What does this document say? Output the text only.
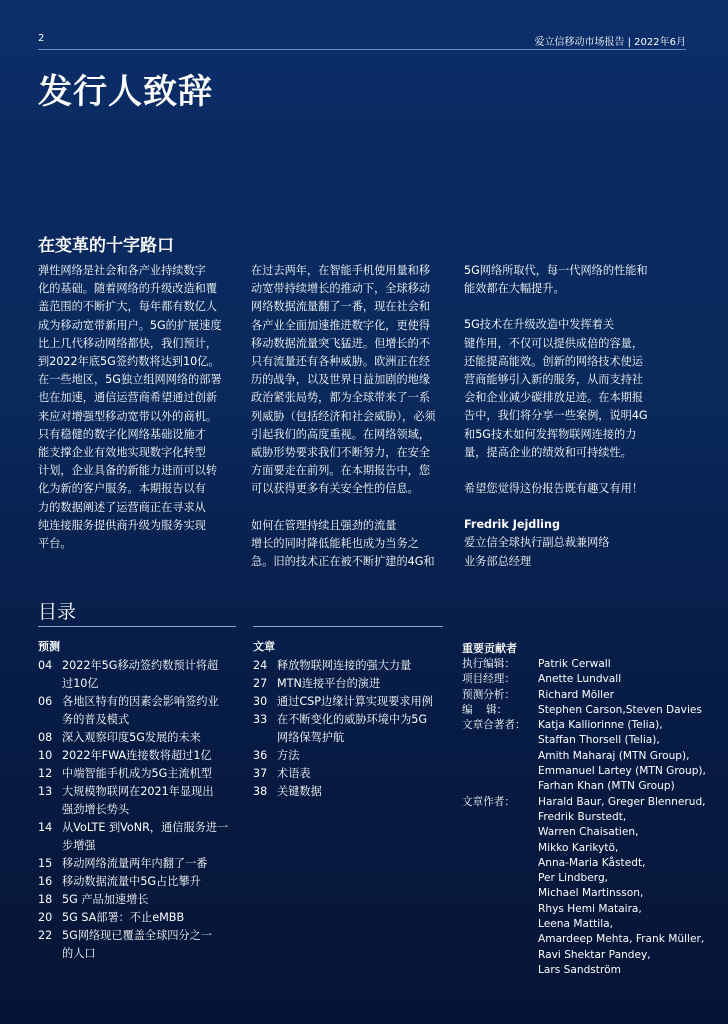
2	爱立信移动市场报告 | 2022年6月
发行人致辞
在变革的十字路口

弹性网络是社会和各产业持续数字
化的基础。随着网络的升级改造和覆
盖范围的不断扩大，每年都有数亿人
成为移动宽带新用户。5G的扩展速度
比上几代移动网络都快，我们预计，
到2022年底5G签约数将达到10亿。
在一些地区，5G独立组网网络的部署
也在加速，通信运营商希望通过创新
来应对增强型移动宽带以外的商机。
只有稳健的数字化网络基础设施才
能支撑企业有效地实现数字化转型
计划，企业具备的新能力进而可以转
化为新的客户服务。本期报告以有
力的数据阐述了运营商正在寻求从
纯连接服务提供商升级为服务实现
平台。

在过去两年，在智能手机使用量和移
动宽带持续增长的推动下，全球移动
网络数据流量翻了一番，现在社会和
各产业全面加速推进数字化，更使得
移动数据流量突飞猛进。但增长的不
只有流量还有各种威胁。欧洲正在经
历的战争，以及世界日益加剧的地缘
政治紧张局势，都为全球带来了一系
列威胁（包括经济和社会威胁），必须
引起我们的高度重视。在网络领域，
威胁形势要求我们不断努力，在安全
方面要走在前列。在本期报告中，您
可以获得更多有关安全性的信息。

如何在管理持续且强劲的流量
增长的同时降低能耗也成为当务之
急。旧的技术正在被不断扩建的4G和

5G网络所取代，每一代网络的性能和
能效都在大幅提升。

5G技术在升级改造中发挥着关
键作用，不仅可以提供成倍的容量，
还能提高能效。创新的网络技术使运
营商能够引入新的服务，从而支持社
会和企业减少碳排放足迹。在本期报
告中，我们将分享一些案例，说明4G
和5G技术如何发挥物联网连接的力
量，提高企业的绩效和可持续性。

希望您觉得这份报告既有趣又有用！

Fredrik Jejdling

爱立信全球执行副总裁兼网络
业务部总经理

目录
预测
04 2022年5G移动签约数预计将超
过10亿
06 各地区特有的因素会影响签约业
务的普及模式
08 深入观察印度5G发展的未来
10 2022年FWA连接数将超过1亿
12 中端智能手机成为5G主流机型
13 大规模物联网在2021年显现出
强劲增长势头
14 从VoLTE 到VoNR，通信服务进一
步增强
15 移动网络流量两年内翻了一番
16 移动数据流量中5G占比攀升
18 5G 产品加速增长
20 5G SA部署：不止eMBB
22 5G网络现已覆盖全球四分之一
的人口
文章
24 释放物联网连接的强大力量
27 MTN连接平台的演进
30 通过CSP边缘计算实现要求用例
33 在不断变化的威胁环境中为5G
网络保驾护航
36 方法
37 术语表
38 关键数据
重要贡献者
执行编辑：	Patrik Cerwall
项目经理：	Anette Lundvall
预测分析：	Richard Möller
编    辑：	Stephen Carson,Steven Davies
文章合著者：	Katja Kalliorinne (Telia),
Staffan Thorsell (Telia),
Amith Maharaj (MTN Group),
Emmanuel Lartey (MTN Group),
Farhan Khan (MTN Group)
文章作者：	Harald Baur, Greger Blennerud,
Fredrik Burstedt,
Warren Chaisatien,
Mikko Karikytö,
Anna-Maria Kåstedt,
Per Lindberg,
Michael Martinsson,
Rhys Hemi Mataira,
Leena Mattila,
Amardeep Mehta, Frank Müller,
Ravi Shektar Pandey,
Lars Sandström
